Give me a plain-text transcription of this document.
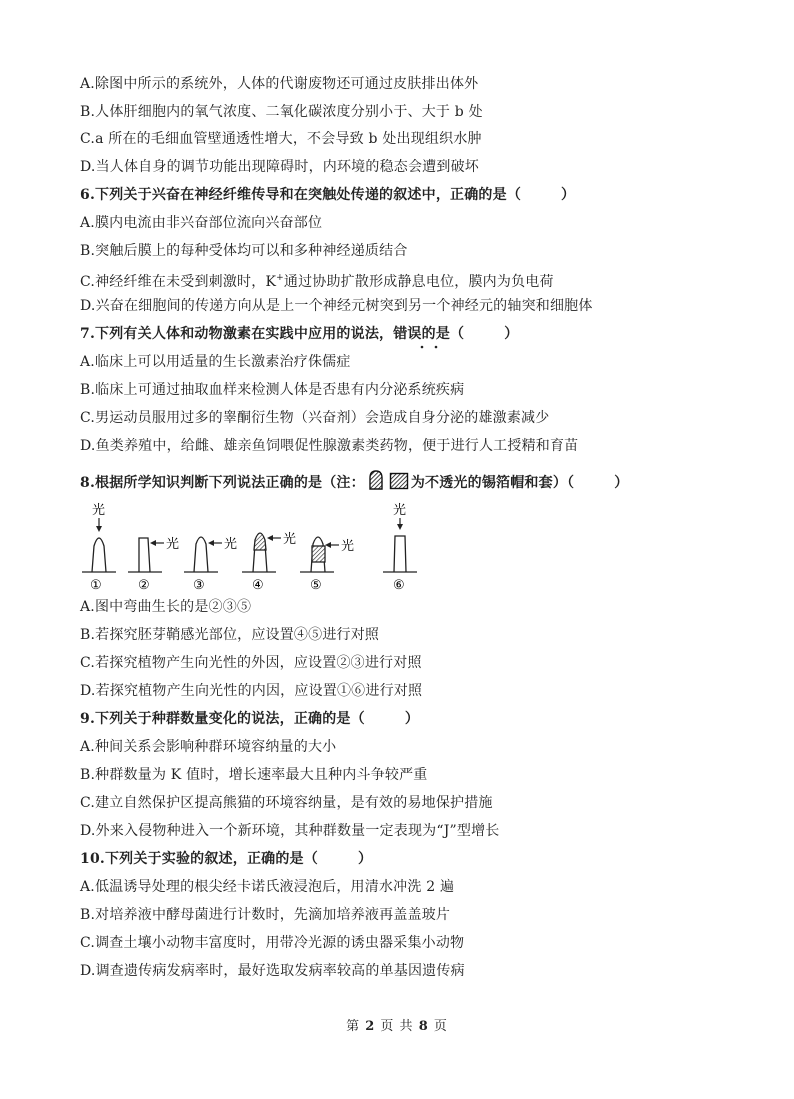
A.除图中所示的系统外，人体的代谢废物还可通过皮肤排出体外
B.人体肝细胞内的氧气浓度、二氧化碳浓度分别小于、大于 b 处
C.a 所在的毛细血管壁通透性增大，不会导致 b 处出现组织水肿
D.当人体自身的调节功能出现障碍时，内环境的稳态会遭到破坏
6.下列关于兴奋在神经纤维传导和在突触处传递的叙述中，正确的是（	）
A.膜内电流由非兴奋部位流向兴奋部位
B.突触后膜上的每种受体均可以和多种神经递质结合
C.神经纤维在未受到刺激时，K+通过协助扩散形成静息电位，膜内为负电荷
D.兴奋在细胞间的传递方向从是上一个神经元树突到另一个神经元的轴突和细胞体
7.下列有关人体和动物激素在实践中应用的说法，错误的是（	）
A.临床上可以用适量的生长激素治疗侏儒症
B.临床上可通过抽取血样来检测人体是否患有内分泌系统疾病
C.男运动员服用过多的睾酮衍生物（兴奋剂）会造成自身分泌的雄激素减少
D.鱼类养殖中，给雌、雄亲鱼饲喂促性腺激素类药物，便于进行人工授精和育苗
8.根据所学知识判断下列说法正确的是（注：	为不透光的锡箔帽和套）（	）
光
①
光
②
光
③
光
④
光
⑤
光
⑥
A.图中弯曲生长的是②③⑤
B.若探究胚芽鞘感光部位，应设置④⑤进行对照
C.若探究植物产生向光性的外因，应设置②③进行对照
D.若探究植物产生向光性的内因，应设置①⑥进行对照
9.下列关于种群数量变化的说法，正确的是（	）
A.种间关系会影响种群环境容纳量的大小
B.种群数量为 K 值时，增长速率最大且种内斗争较严重
C.建立自然保护区提高熊猫的环境容纳量，是有效的易地保护措施
D.外来入侵物种进入一个新环境，其种群数量一定表现为“J”型增长
10.下列关于实验的叙述，正确的是（	）
A.低温诱导处理的根尖经卡诺氏液浸泡后，用清水冲洗 2 遍
B.对培养液中酵母菌进行计数时，先滴加培养液再盖盖玻片
C.调查土壤小动物丰富度时，用带冷光源的诱虫器采集小动物
D.调查遗传病发病率时，最好选取发病率较高的单基因遗传病
第 2 页 共 8 页
